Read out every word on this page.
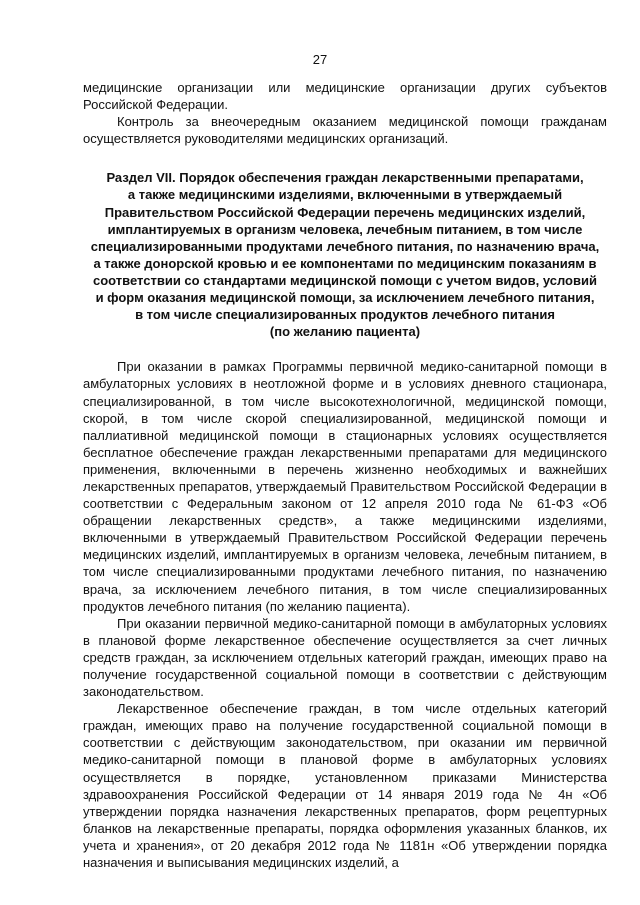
27

медицинские организации или медицинские организации других субъектов Российской Федерации.

Контроль за внеочередным оказанием медицинской помощи гражданам осуществляется руководителями медицинских организаций.

Раздел VII. Порядок обеспечения граждан лекарственными препаратами,
а также медицинскими изделиями, включенными в утверждаемый
Правительством Российской Федерации перечень медицинских изделий,
имплантируемых в организм человека, лечебным питанием, в том числе
специализированными продуктами лечебного питания, по назначению врача,
а также донорской кровью и ее компонентами по медицинским показаниям в
соответствии со стандартами медицинской помощи с учетом видов, условий
и форм оказания медицинской помощи, за исключением лечебного питания,
в том числе специализированных продуктов лечебного питания
(по желанию пациента)

При оказании в рамках Программы первичной медико-санитарной помощи в амбулаторных условиях в неотложной форме и в условиях дневного стационара, специализированной, в том числе высокотехнологичной, медицинской помощи, скорой, в том числе скорой специализированной, медицинской помощи и паллиативной медицинской помощи в стационарных условиях осуществляется бесплатное обеспечение граждан лекарственными препаратами для медицинского применения, включенными в перечень жизненно необходимых и важнейших лекарственных препаратов, утверждаемый Правительством Российской Федерации в соответствии с Федеральным законом от 12 апреля 2010 года № 61-ФЗ «Об обращении лекарственных средств», а также медицинскими изделиями, включенными в утверждаемый Правительством Российской Федерации перечень медицинских изделий, имплантируемых в организм человека, лечебным питанием, в том числе специализированными продуктами лечебного питания, по назначению врача, за исключением лечебного питания, в том числе специализированных продуктов лечебного питания (по желанию пациента).

При оказании первичной медико-санитарной помощи в амбулаторных условиях в плановой форме лекарственное обеспечение осуществляется за счет личных средств граждан, за исключением отдельных категорий граждан, имеющих право на получение государственной социальной помощи в соответствии с действующим законодательством.

Лекарственное обеспечение граждан, в том числе отдельных категорий граждан, имеющих право на получение государственной социальной помощи в соответствии с действующим законодательством, при оказании им первичной медико-санитарной помощи в плановой форме в амбулаторных условиях осуществляется в порядке, установленном приказами Министерства здравоохранения Российской Федерации от 14 января 2019 года № 4н «Об утверждении порядка назначения лекарственных препаратов, форм рецептурных бланков на лекарственные препараты, порядка оформления указанных бланков, их учета и хранения», от 20 декабря 2012 года № 1181н «Об утверждении порядка назначения и выписывания медицинских изделий, а
